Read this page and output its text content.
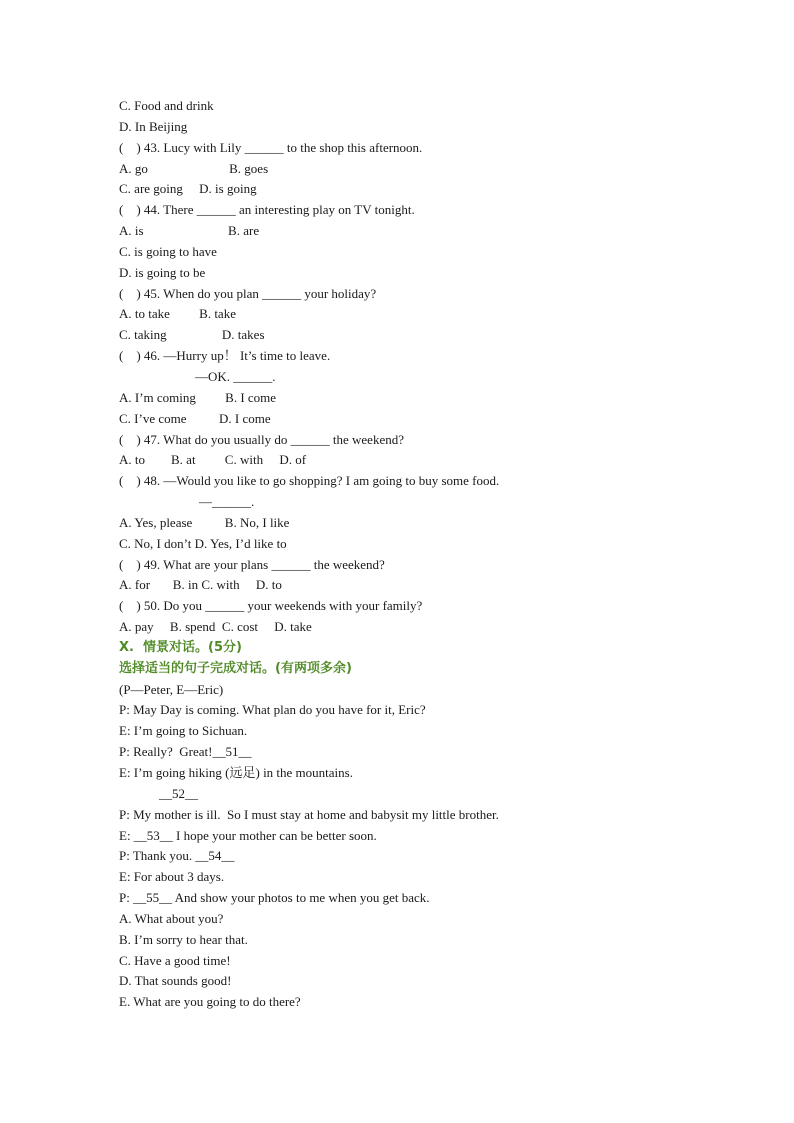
C. Food and drink
D. In Beijing
(    ) 43. Lucy with Lily ______ to the shop this afternoon.
A. go                         B. goes
C. are going     D. is going
(    ) 44. There ______ an interesting play on TV tonight.
A. is                          B. are
C. is going to have
D. is going to be
(    ) 45. When do you plan ______ your holiday?
A. to take         B. take
C. taking                 D. takes
(    ) 46. —Hurry up！ It’s time to leave.
—OK. ______.
A. I’m coming         B. I come
C. I’ve come          D. I come
(    ) 47. What do you usually do ______ the weekend?
A. to        B. at         C. with     D. of
(    ) 48. —Would you like to go shopping? I am going to buy some food.
—______.
A. Yes, please          B. No, I like
C. No, I don’t D. Yes, I’d like to
(    ) 49. What are your plans ______ the weekend?
A. for       B. in C. with     D. to
(    ) 50. Do you ______ your weekends with your family?
A. pay     B. spend  C. cost     D. take
X.  情景对话。(5分)
选择适当的句子完成对话。(有两项多余)
(P—Peter, E—Eric)
P: May Day is coming. What plan do you have for it, Eric?
E: I’m going to Sichuan.
P: Really?  Great!__51__
E: I’m going hiking (远足) in the mountains.
__52__
P: My mother is ill.  So I must stay at home and babysit my little brother.
E: __53__ I hope your mother can be better soon.
P: Thank you. __54__
E: For about 3 days.
P: __55__ And show your photos to me when you get back.
A. What about you?
B. I’m sorry to hear that.
C. Have a good time!
D. That sounds good!
E. What are you going to do there?
